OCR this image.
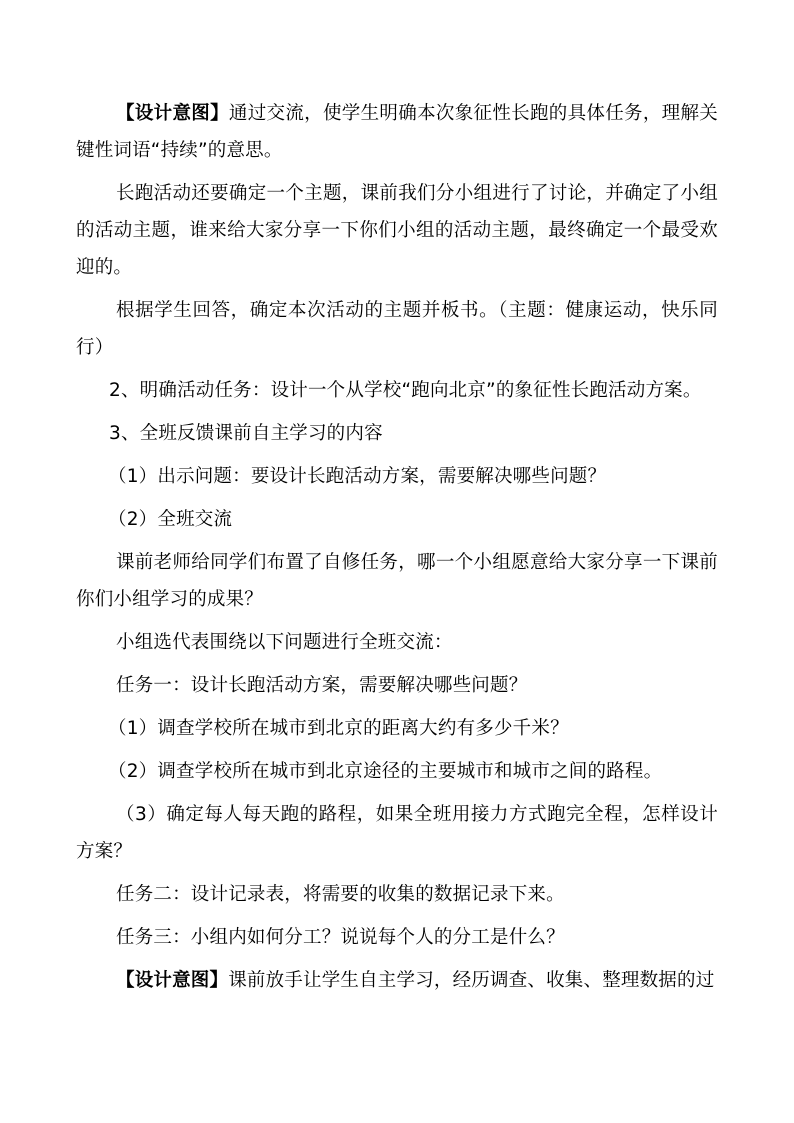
【设计意图】通过交流，使学生明确本次象征性长跑的具体任务，理解关键性词语“持续”的意思。

长跑活动还要确定一个主题，课前我们分小组进行了讨论，并确定了小组的活动主题，谁来给大家分享一下你们小组的活动主题，最终确定一个最受欢迎的。

根据学生回答，确定本次活动的主题并板书。（主题：健康运动，快乐同行）

2、明确活动任务：设计一个从学校“跑向北京”的象征性长跑活动方案。

3、全班反馈课前自主学习的内容

（1）出示问题：要设计长跑活动方案，需要解决哪些问题？

（2）全班交流

课前老师给同学们布置了自修任务，哪一个小组愿意给大家分享一下课前你们小组学习的成果？

小组选代表围绕以下问题进行全班交流：

任务一：设计长跑活动方案，需要解决哪些问题？

（1）调查学校所在城市到北京的距离大约有多少千米？

（2）调查学校所在城市到北京途径的主要城市和城市之间的路程。

（3）确定每人每天跑的路程，如果全班用接力方式跑完全程，怎样设计方案？

任务二：设计记录表，将需要的收集的数据记录下来。

任务三：小组内如何分工？说说每个人的分工是什么？

【设计意图】课前放手让学生自主学习，经历调查、收集、整理数据的过
